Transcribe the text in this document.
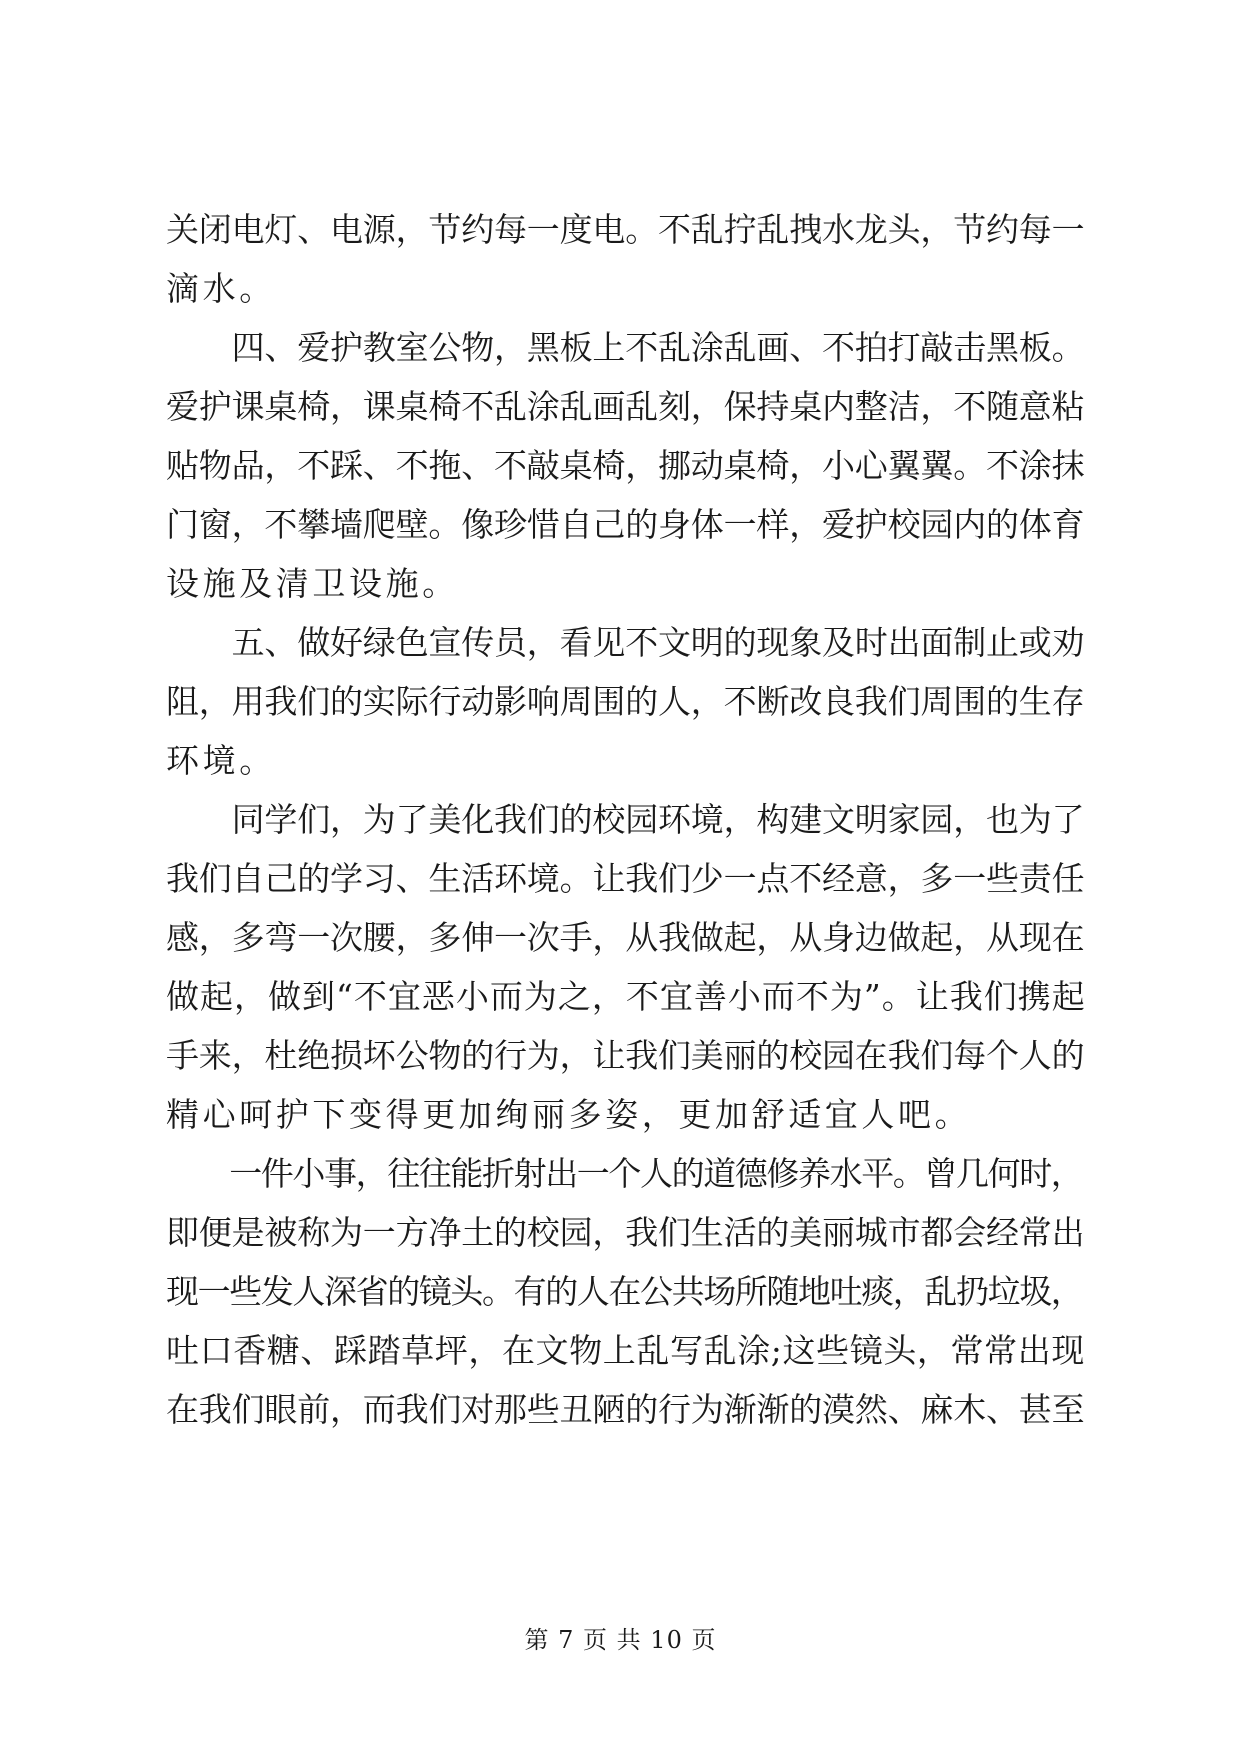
关闭电灯、电源，节约每一度电。不乱拧乱拽水龙头，节约每一
滴水。
　　四、爱护教室公物，黑板上不乱涂乱画、不拍打敲击黑板。
爱护课桌椅，课桌椅不乱涂乱画乱刻，保持桌内整洁，不随意粘
贴物品，不踩、不拖、不敲桌椅，挪动桌椅，小心翼翼。不涂抹
门窗，不攀墙爬壁。像珍惜自己的身体一样，爱护校园内的体育
设施及清卫设施。
　　五、做好绿色宣传员，看见不文明的现象及时出面制止或劝
阻，用我们的实际行动影响周围的人，不断改良我们周围的生存
环境。
　　同学们，为了美化我们的校园环境，构建文明家园，也为了
我们自己的学习、生活环境。让我们少一点不经意，多一些责任
感，多弯一次腰，多伸一次手，从我做起，从身边做起，从现在
做起，做到“不宜恶小而为之，不宜善小而不为”。让我们携起
手来，杜绝损坏公物的行为，让我们美丽的校园在我们每个人的
精心呵护下变得更加绚丽多姿，更加舒适宜人吧。
　　一件小事，往往能折射出一个人的道德修养水平。曾几何时，
即便是被称为一方净土的校园，我们生活的美丽城市都会经常出
现一些发人深省的镜头。有的人在公共场所随地吐痰，乱扔垃圾，
吐口香糖、踩踏草坪，在文物上乱写乱涂;这些镜头，常常出现
在我们眼前，而我们对那些丑陋的行为渐渐的漠然、麻木、甚至
第 7 页 共 10 页
